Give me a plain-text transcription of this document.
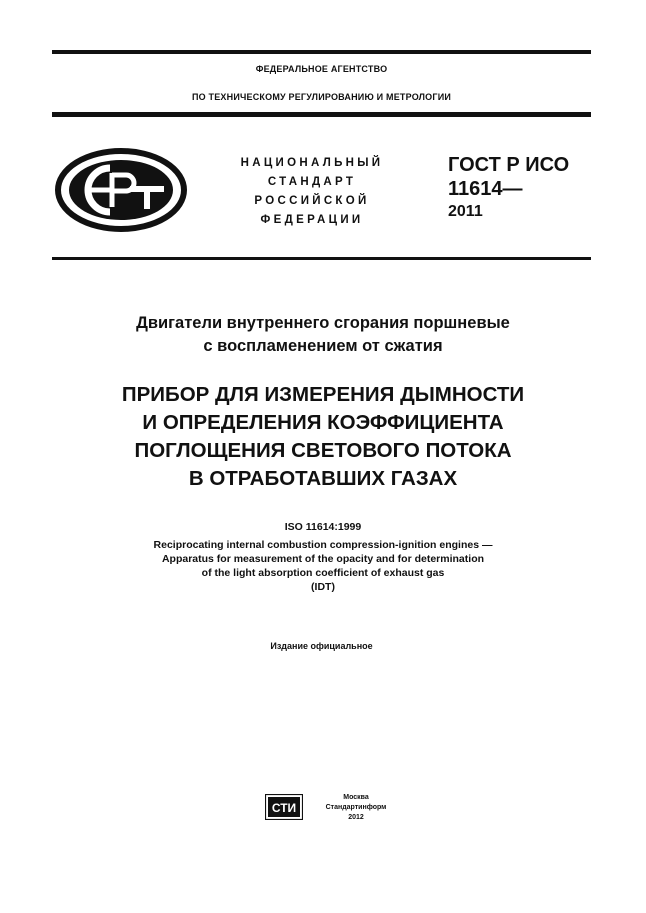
ФЕДЕРАЛЬНОЕ АГЕНТСТВО
ПО ТЕХНИЧЕСКОМУ РЕГУЛИРОВАНИЮ И МЕТРОЛОГИИ
НАЦИОНАЛЬНЫЙ
СТАНДАРТ
РОССИЙСКОЙ
ФЕДЕРАЦИИ
ГОСТ Р ИСО
11614—
2011
Двигатели внутреннего сгорания поршневые
с воспламенением от сжатия
ПРИБОР ДЛЯ ИЗМЕРЕНИЯ ДЫМНОСТИ
И ОПРЕДЕЛЕНИЯ КОЭФФИЦИЕНТА
ПОГЛОЩЕНИЯ СВЕТОВОГО ПОТОКА
В ОТРАБОТАВШИХ ГАЗАХ
ISO 11614:1999
Reciprocating internal combustion compression-ignition engines —
Apparatus for measurement of the opacity and for determination
of the light absorption coefficient of exhaust gas
(IDT)
Издание официальное
СТИ
Москва
Стандартинформ
2012
